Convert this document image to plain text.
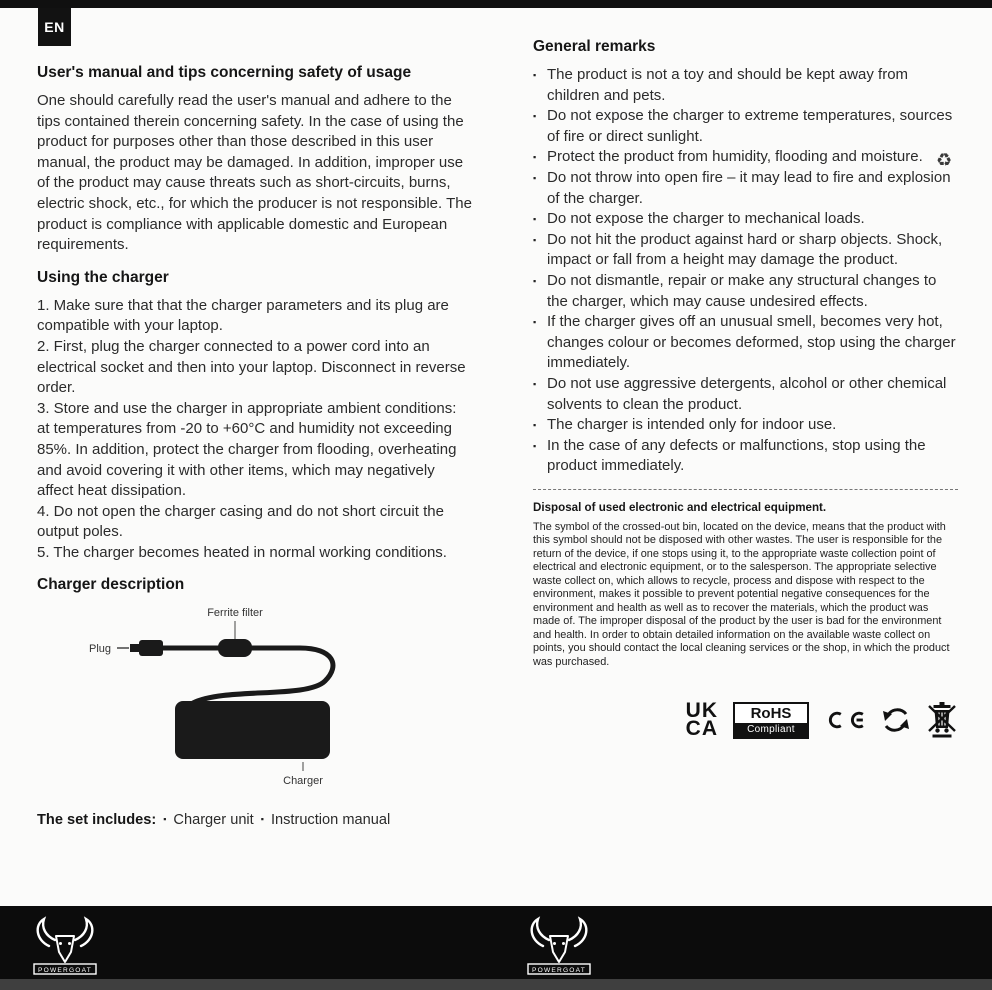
EN
♻
User's manual and tips concerning safety of usage

One should carefully read the user's manual and adhere to the tips contained therein concerning safety. In the case of using the product for purposes other than those described in this user manual, the product may be damaged. In addition, improper use of the product may cause threats such as short-circuits, burns, electric shock, etc., for which the producer is not responsible. The product is compliance with applicable domestic and European requirements.

Using the charger

1. Make sure that that the charger parameters and its plug are compatible with your laptop.

2. First, plug the charger connected to a power cord into an electrical socket and then into your laptop. Disconnect in reverse order.

3. Store and use the charger in appropriate ambient conditions: at temperatures from -20 to +60°C and humidity not exceeding 85%. In addition, protect the charger from flooding, overheating and avoid covering it with other items, which may negatively affect heat dissipation.

4. Do not open the charger casing and do not short circuit the output poles.

5. The charger becomes heated in normal working conditions.

Charger description
Ferrite filter
Plug
Charger
The set includes: ▪ Charger unit ▪ Instruction manual
General remarks
▪ The product is not a toy and should be kept away from children and pets.
▪ Do not expose the charger to extreme temperatures, sources of fire or direct sunlight.
▪ Protect the product from humidity, flooding and moisture.
▪ Do not throw into open fire – it may lead to fire and explosion of the charger.
▪ Do not expose the charger to mechanical loads.
▪ Do not hit the product against hard or sharp objects. Shock, impact or fall from a height may damage the product.
▪ Do not dismantle, repair or make any structural changes to the charger, which may cause undesired effects.
▪ If the charger gives off an unusual smell, becomes very hot, changes colour or becomes deformed, stop using the charger immediately.
▪ Do not use aggressive detergents, alcohol or other chemical solvents to clean the product.
▪ The charger is intended only for indoor use.
▪ In the case of any defects or malfunctions, stop using the product immediately.
Disposal of used electronic and electrical equipment.

The symbol of the crossed-out bin, located on the device, means that the product with this symbol should not be disposed with other wastes. The user is responsible for the return of the device, if one stops using it, to the appropriate waste collection point of electrical and electronic equipment, or to the salesperson. The appropriate selective waste collect on, which allows to recycle, process and dispose with respect to the environment, makes it possible to prevent potential negative consequences for the environment and health as well as to recover the materials, which the product was made of. The improper disposal of the product by the user is bad for the environment and health. In order to obtain detailed information on the available waste collect on points, you should contact the local cleaning services or the shop, in which the product was purchased.

UK
CA
RoHS
Compliant
POWERGOAT	POWERGOAT
